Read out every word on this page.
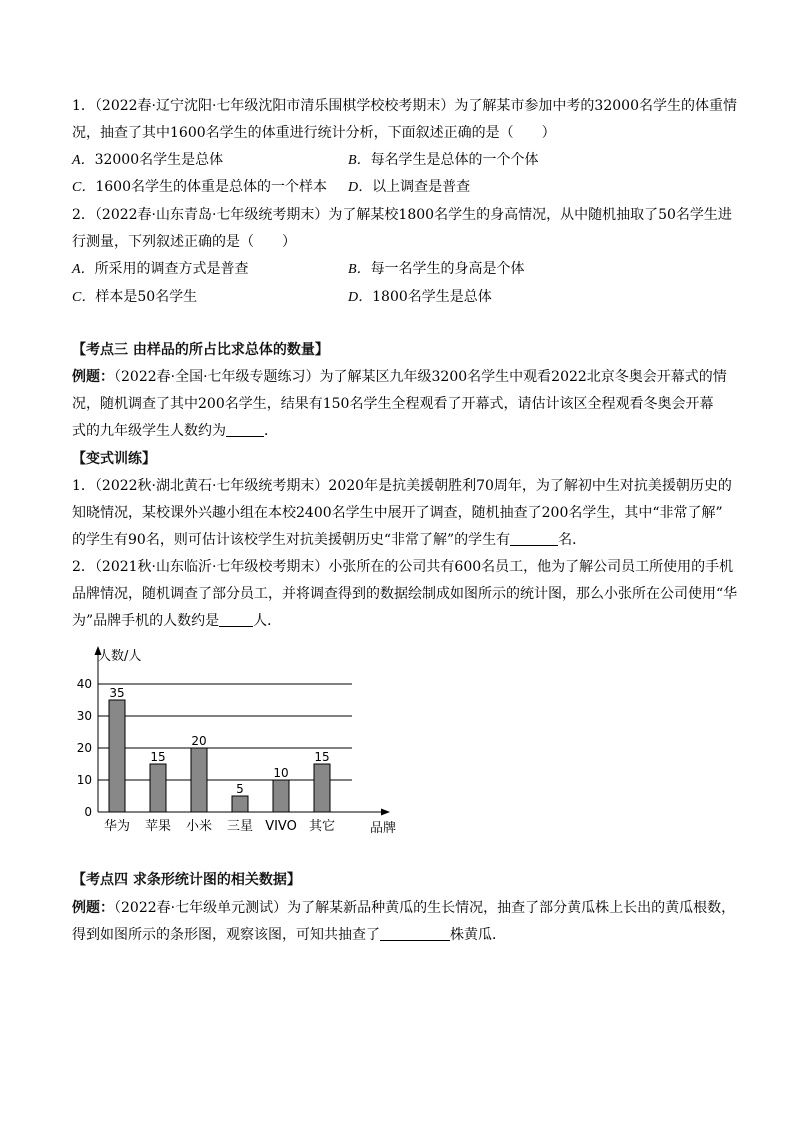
1．（2022春·辽宁沈阳·七年级沈阳市清乐围棋学校校考期末）为了解某市参加中考的32000名学生的体重情
况，抽查了其中1600名学生的体重进行统计分析，下面叙述正确的是（　　）
A．32000名学生是总体	B．每名学生是总体的一个个体
C．1600名学生的体重是总体的一个样本 D．以上调查是普查
2．（2022春·山东青岛·七年级统考期末）为了解某校1800名学生的身高情况，从中随机抽取了50名学生进
行测量，下列叙述正确的是（　　）
A．所采用的调查方式是普查	B．每一名学生的身高是个体
C．样本是50名学生	D．1800名学生是总体
【考点三 由样品的所占比求总体的数量】
例题：（2022春·全国·七年级专题练习）为了解某区九年级3200名学生中观看2022北京冬奥会开幕式的情
况，随机调查了其中200名学生，结果有150名学生全程观看了开幕式，请估计该区全程观看冬奥会开幕
式的九年级学生人数约为	．
【变式训练】
1．（2022秋·湖北黄石·七年级统考期末）2020年是抗美援朝胜利70周年，为了解初中生对抗美援朝历史的
知晓情况，某校课外兴趣小组在本校2400名学生中展开了调查，随机抽查了200名学生，其中“非常了解”
的学生有90名，则可估计该校学生对抗美援朝历史“非常了解”的学生有	名．
2．（2021秋·山东临沂·七年级校考期末）小张所在的公司共有600名员工，他为了解公司员工所使用的手机
品牌情况，随机调查了部分员工，并将调查得到的数据绘制成如图所示的统计图，那么小张所在公司使用“华
为”品牌手机的人数约是 人．
0
10
20
30
40
35
华为
15
苹果
20
小米
5
三星
10
VIVO
15
其它
人数/人
品牌
【考点四 求条形统计图的相关数据】
例题：（2022春·七年级单元测试）为了解某新品种黄瓜的生长情况，抽查了部分黄瓜株上长出的黄瓜根数，
得到如图所示的条形图，观察该图，可知共抽查了	株黄瓜．
